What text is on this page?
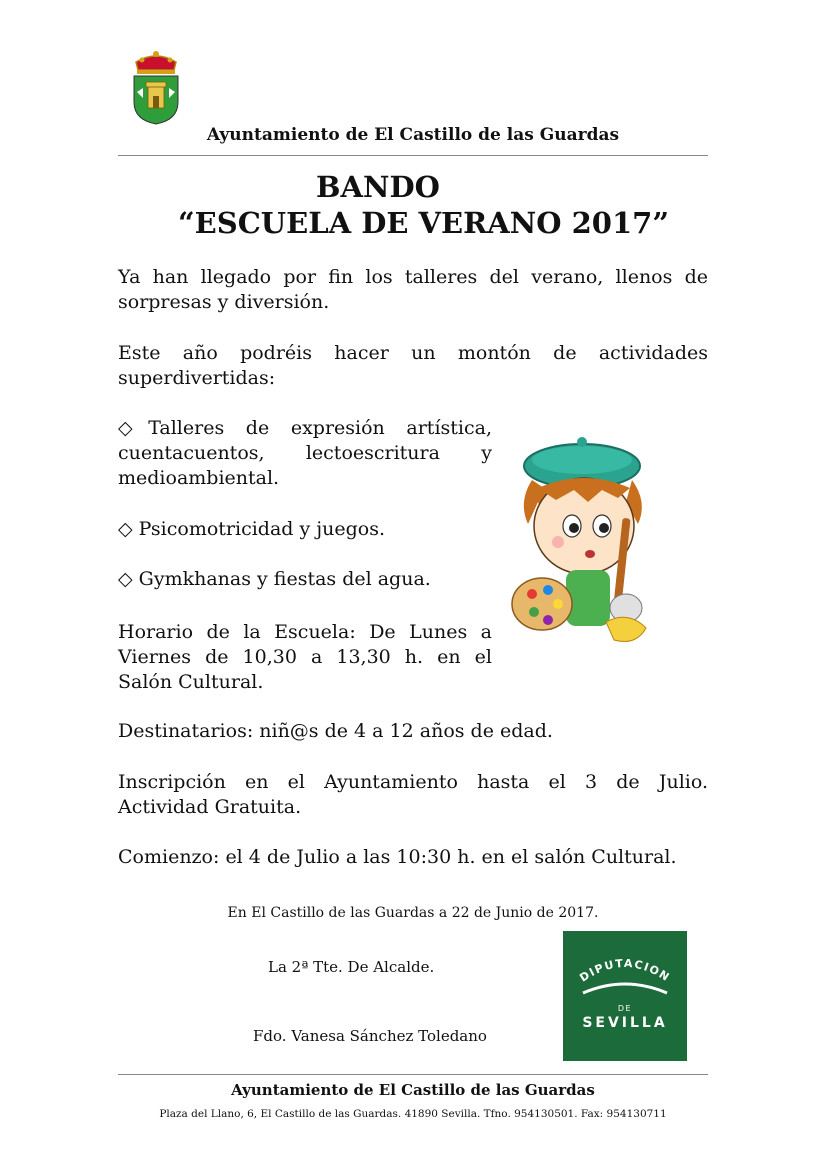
Ayuntamiento de El Castillo de las Guardas
BANDO
“ESCUELA DE VERANO 2017”
Ya han llegado por fin los talleres del verano, llenos de
sorpresas y diversión.
Este año podréis hacer un montón de actividades
superdivertidas:
◇Talleres de expresión artística,
cuentacuentos, lectoescritura y
medioambiental.
◇ Psicomotricidad y juegos.
◇ Gymkhanas y fiestas del agua.
Horario de la Escuela: De Lunes a
Viernes de 10,30 a 13,30 h. en el
Salón Cultural.
Destinatarios: niñ@s de 4 a 12 años de edad.
Inscripción en el Ayuntamiento hasta el 3 de Julio.
Actividad Gratuita.
Comienzo: el 4 de Julio a las 10:30 h. en el salón Cultural.
En El Castillo de las Guardas a 22 de Junio de 2017.
La 2ª Tte. De Alcalde.
Fdo. Vanesa Sánchez Toledano
DIPUTACION
DE
SEVILLA
Ayuntamiento de El Castillo de las Guardas
Plaza del Llano, 6, El Castillo de las Guardas. 41890 Sevilla. Tfno. 954130501. Fax: 954130711
